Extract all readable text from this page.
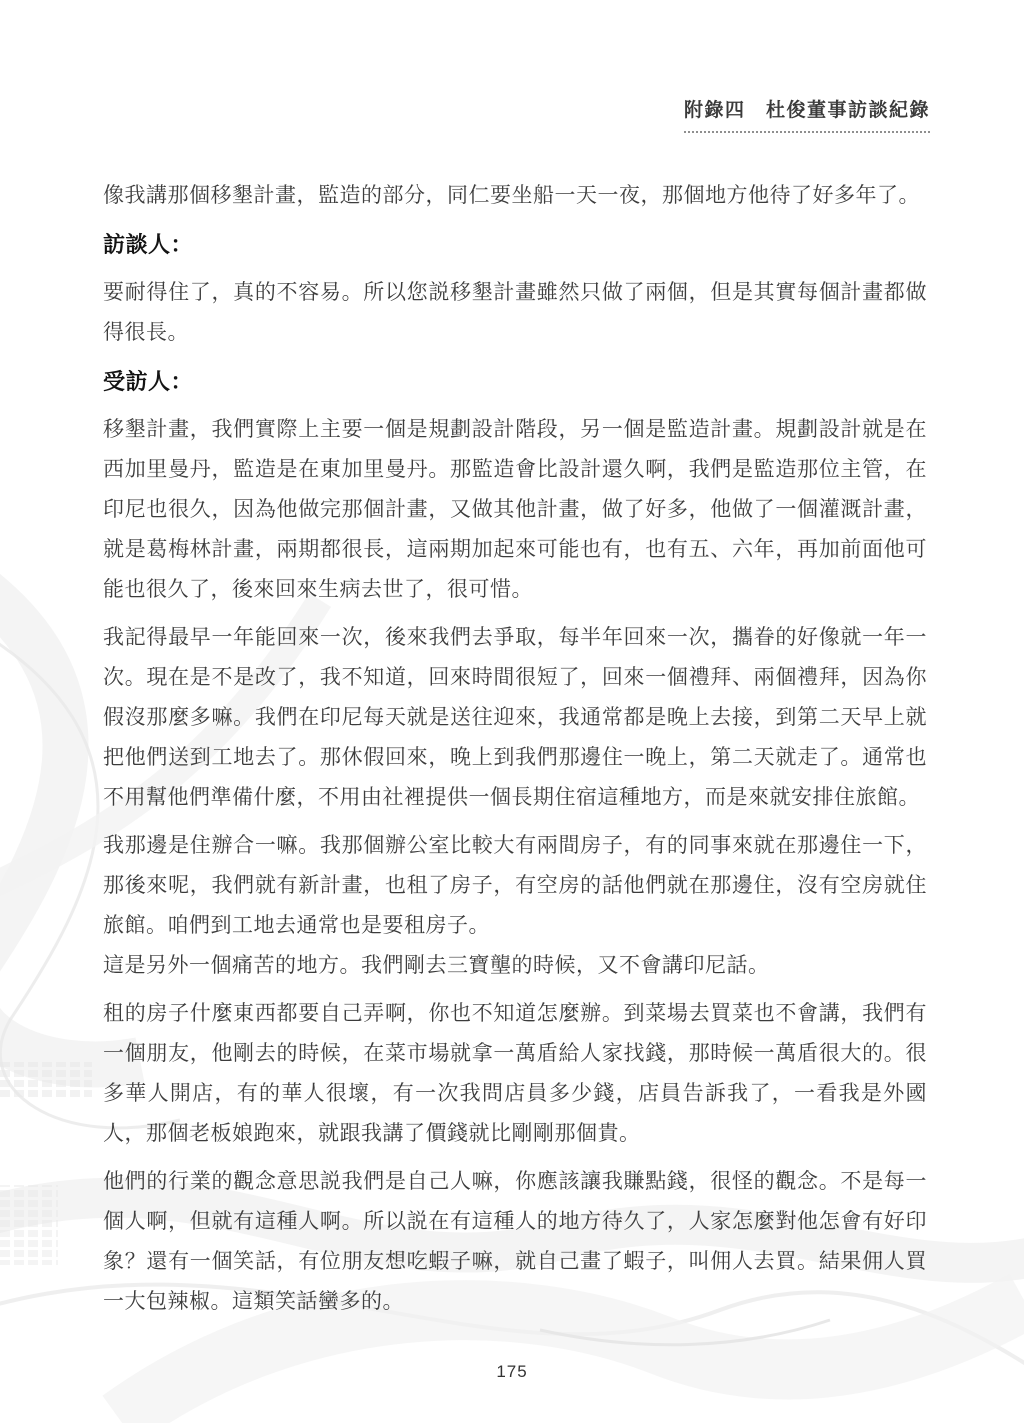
附錄四　杜俊董事訪談紀錄

像我講那個移墾計畫，監造的部分，同仁要坐船一天一夜，那個地方他待了好多年了。

訪談人：

要耐得住了，真的不容易。所以您説移墾計畫雖然只做了兩個，但是其實每個計畫都做得很長。

受訪人：

移墾計畫，我們實際上主要一個是規劃設計階段，另一個是監造計畫。規劃設計就是在西加里曼丹，監造是在東加里曼丹。那監造會比設計還久啊，我們是監造那位主管，在印尼也很久，因為他做完那個計畫，又做其他計畫，做了好多，他做了一個灌溉計畫，就是葛梅林計畫，兩期都很長，這兩期加起來可能也有，也有五、六年，再加前面他可能也很久了，後來回來生病去世了，很可惜。

我記得最早一年能回來一次，後來我們去爭取，每半年回來一次，攜眷的好像就一年一次。現在是不是改了，我不知道，回來時間很短了，回來一個禮拜、兩個禮拜，因為你假沒那麼多嘛。我們在印尼每天就是送往迎來，我通常都是晚上去接，到第二天早上就把他們送到工地去了。那休假回來，晚上到我們那邊住一晚上，第二天就走了。通常也不用幫他們準備什麼，不用由社裡提供一個長期住宿這種地方，而是來就安排住旅館。

我那邊是住辦合一嘛。我那個辦公室比較大有兩間房子，有的同事來就在那邊住一下，那後來呢，我們就有新計畫，也租了房子，有空房的話他們就在那邊住，沒有空房就住旅館。咱們到工地去通常也是要租房子。

這是另外一個痛苦的地方。我們剛去三寶壟的時候，又不會講印尼話。

租的房子什麼東西都要自己弄啊，你也不知道怎麼辦。到菜場去買菜也不會講，我們有一個朋友，他剛去的時候，在菜市場就拿一萬盾給人家找錢，那時候一萬盾很大的。很多華人開店，有的華人很壞，有一次我問店員多少錢，店員告訴我了，一看我是外國人，那個老板娘跑來，就跟我講了價錢就比剛剛那個貴。

他們的行業的觀念意思説我們是自己人嘛，你應該讓我賺點錢，很怪的觀念。不是每一個人啊，但就有這種人啊。所以説在有這種人的地方待久了，人家怎麼對他怎會有好印象？還有一個笑話，有位朋友想吃蝦子嘛，就自己畫了蝦子，叫佣人去買。結果佣人買一大包辣椒。這類笑話蠻多的。

175
